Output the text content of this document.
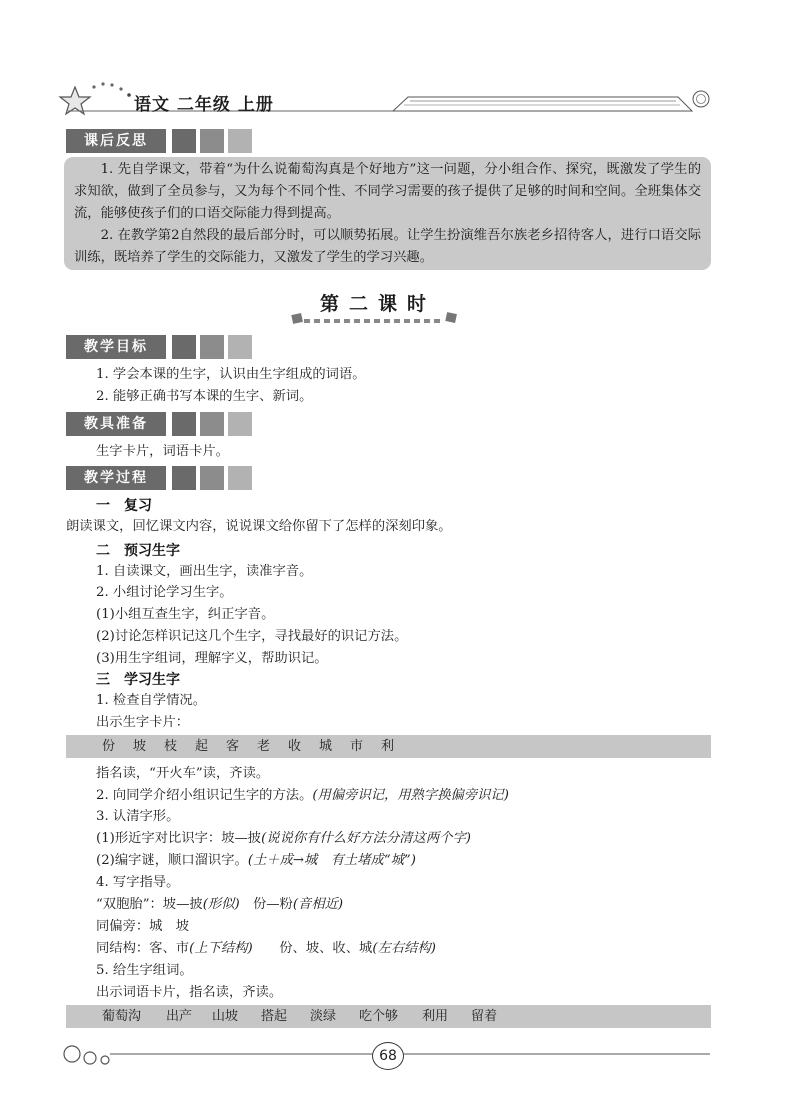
语文 二年级 上册
课后反思

1. 先自学课文，带着“为什么说葡萄沟真是个好地方”这一问题，分小组合作、探究，既激发了学生的求知欲，做到了全员参与，又为每个不同个性、不同学习需要的孩子提供了足够的时间和空间。全班集体交流，能够使孩子们的口语交际能力得到提高。

2. 在教学第2自然段的最后部分时，可以顺势拓展。让学生扮演维吾尔族老乡招待客人，进行口语交际训练，既培养了学生的交际能力，又激发了学生的学习兴趣。

第二课时
教学目标
1. 学会本课的生字，认识由生字组成的词语。
2. 能够正确书写本课的生字、新词。
教具准备
生字卡片，词语卡片。
教学过程
一　复习
朗读课文，回忆课文内容，说说课文给你留下了怎样的深刻印象。
二　预习生字
1. 自读课文，画出生字，读准字音。
2. 小组讨论学习生字。
(1)小组互查生字，纠正字音。
(2)讨论怎样识记这几个生字，寻找最好的识记方法。
(3)用生字组词，理解字义，帮助识记。
三　学习生字
1. 检查自学情况。
出示生字卡片：
份 坡 枝 起 客 老 收 城 市 利
指名读，“开火车”读，齐读。
2. 向同学介绍小组识记生字的方法。(用偏旁识记，用熟字换偏旁识记)
3. 认清字形。
(1)形近字对比识字：坡—披(说说你有什么好方法分清这两个字)
(2)编字谜，顺口溜识字。(土＋成→城　有土堵成“城”)
4. 写字指导。
“双胞胎”：坡—披(形似)　 份—粉(音相近)
同偏旁：城　坡
同结构：客、市(上下结构)　　 份、坡、收、城(左右结构)
5. 给生字组词。
出示词语卡片，指名读，齐读。
葡萄沟 出产 山坡 搭起 淡绿 吃个够 利用 留着
68
